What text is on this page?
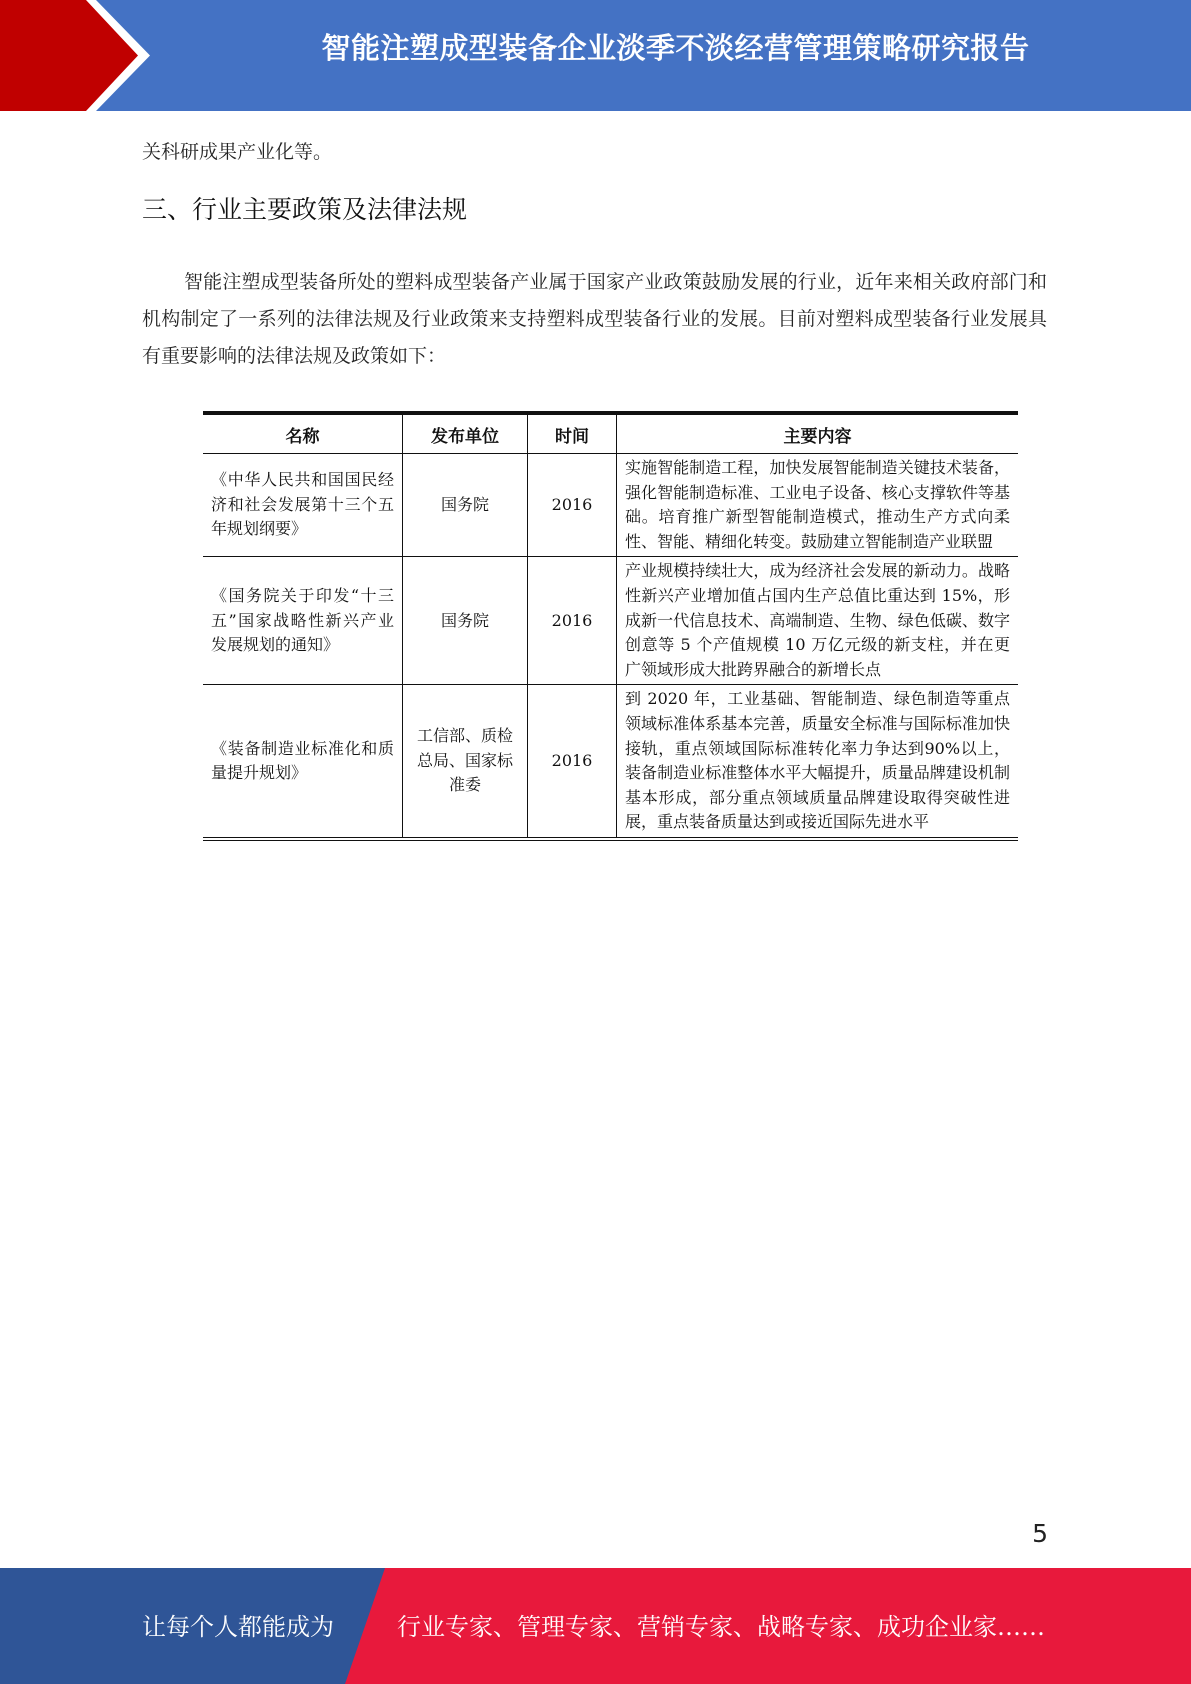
智能注塑成型装备企业淡季不淡经营管理策略研究报告
关科研成果产业化等。
三、行业主要政策及法律法规
智能注塑成型装备所处的塑料成型装备产业属于国家产业政策鼓励发展的行业，近年来相关政府部门和机构制定了一系列的法律法规及行业政策来支持塑料成型装备行业的发展。目前对塑料成型装备行业发展具有重要影响的法律法规及政策如下：
名称	发布单位	时间	主要内容
《中华人民共和国国民经济和社会发展第十三个五年规划纲要》	国务院	2016	实施智能制造工程，加快发展智能制造关键技术装备，强化智能制造标准、工业电子设备、核心支撑软件等基础。培育推广新型智能制造模式，推动生产方式向柔性、智能、精细化转变。鼓励建立智能制造产业联盟
《国务院关于印发“十三五”国家战略性新兴产业发展规划的通知》	国务院	2016	产业规模持续壮大，成为经济社会发展的新动力。战略性新兴产业增加值占国内生产总值比重达到 15%，形成新一代信息技术、高端制造、生物、绿色低碳、数字创意等 5 个产值规模 10 万亿元级的新支柱，并在更广领域形成大批跨界融合的新增长点
《装备制造业标准化和质量提升规划》	工信部、质检总局、国家标准委	2016	到 2020 年，工业基础、智能制造、绿色制造等重点领域标准体系基本完善，质量安全标准与国际标准加快接轨，重点领域国际标准转化率力争达到90%以上，装备制造业标准整体水平大幅提升，质量品牌建设机制基本形成，部分重点领域质量品牌建设取得突破性进展，重点装备质量达到或接近国际先进水平
5
让每个人都能成为	行业专家、管理专家、营销专家、战略专家、成功企业家……
